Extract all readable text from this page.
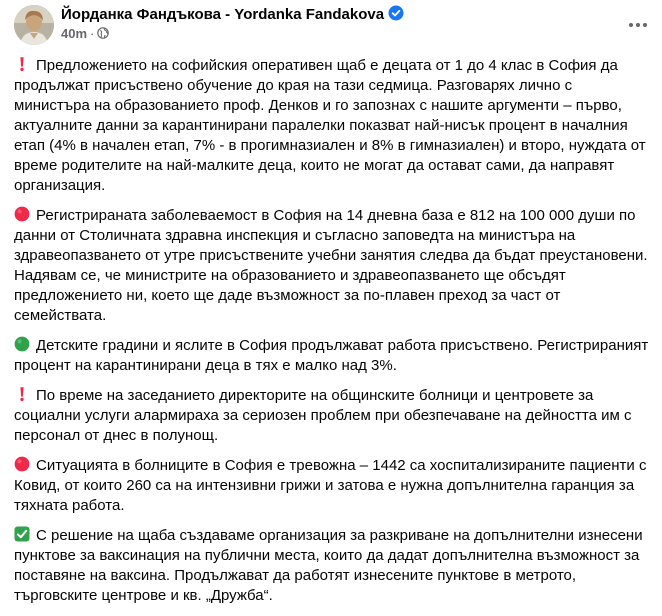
Йорданка Фандъкова - Yordanka Fandakova
40m ·

Предложението на софийския оперативен щаб е децата от 1 до 4 клас в София да продължат присъствено обучение до края на тази седмица. Разговарях лично с министъра на образованието проф. Денков и го запознах с нашите аргументи – първо, актуалните данни за карантинирани паралелки показват най-нисък процент в началния етап (4% в начален етап, 7% - в прогимназиален и 8% в гимназиален) и второ, нуждата от време родителите на най-малките деца, които не могат да остават сами, да направят организация.

Регистрираната заболеваемост в София на 14 дневна база е 812 на 100 000 души по данни от Столичната здравна инспекция и съгласно заповедта на министъра на здравеопазването от утре присъствените учебни занятия следва да бъдат преустановени. Надявам се, че министрите на образованието и здравеопазването ще обсъдят предложението ни, което ще даде възможност за по-плавен преход за част от семействата.

Детските градини и яслите в София продължават работа присъствено. Регистрираният процент на карантинирани деца в тях е малко над 3%.

По време на заседанието директорите на общинските болници и центровете за социални услуги алармираха за сериозен проблем при обезпечаване на дейността им с персонал от днес в полунощ.

Ситуацията в болниците в София е тревожна – 1442 са хоспитализираните пациенти с Ковид, от които 260 са на интензивни грижи и затова е нужна допълнителна гаранция за тяхната работа.

С решение на щаба създаваме организация за разкриване на допълнителни изнесени пунктове за ваксинация на публични места, които да дадат допълнителна възможност за поставяне на ваксина. Продължават да работят изнесените пунктове в метрото, търговските центрове и кв. „Дружба“.
